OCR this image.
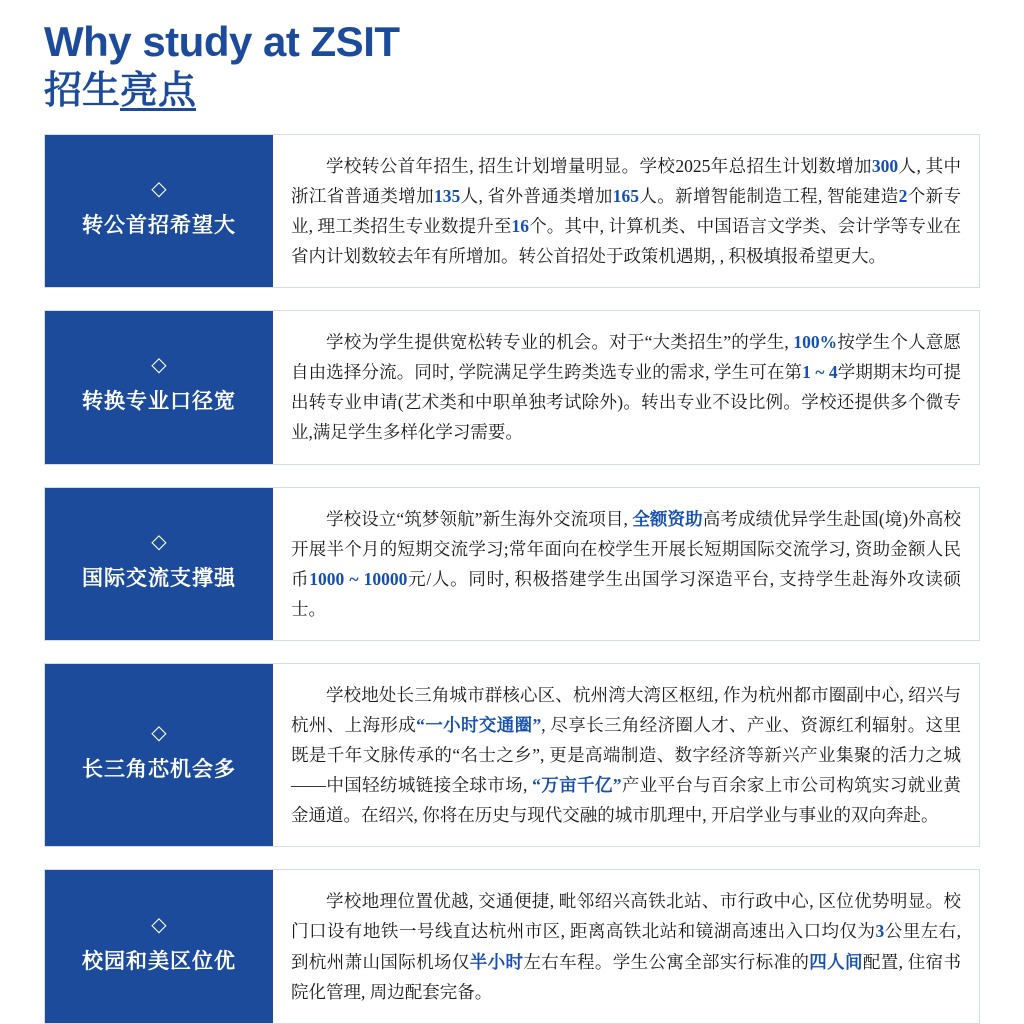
Why study at ZSIT
招生亮点
◇
转公首招希望大

学校转公首年招生, 招生计划增量明显。学校2025年总招生计划数增加300人, 其中浙江省普通类增加135人, 省外普通类增加165人。新增智能制造工程, 智能建造2个新专业, 理工类招生专业数提升至16个。其中, 计算机类、中国语言文学类、会计学等专业在省内计划数较去年有所增加。转公首招处于政策机遇期, , 积极填报希望更大。

◇
转换专业口径宽

学校为学生提供宽松转专业的机会。对于“大类招生”的学生, 100%按学生个人意愿自由选择分流。同时, 学院满足学生跨类选专业的需求, 学生可在第1 ~ 4学期期末均可提出转专业申请(艺术类和中职单独考试除外)。转出专业不设比例。学校还提供多个微专业,满足学生多样化学习需要。

◇
国际交流支撑强

学校设立“筑梦领航”新生海外交流项目, 全额资助高考成绩优异学生赴国(境)外高校开展半个月的短期交流学习;常年面向在校学生开展长短期国际交流学习, 资助金额人民币1000 ~ 10000元/人。同时, 积极搭建学生出国学习深造平台, 支持学生赴海外攻读硕士。

◇
长三角芯机会多

学校地处长三角城市群核心区、杭州湾大湾区枢纽, 作为杭州都市圈副中心, 绍兴与杭州、上海形成“一小时交通圈”, 尽享长三角经济圈人才、产业、资源红利辐射。这里既是千年文脉传承的“名士之乡”, 更是高端制造、数字经济等新兴产业集聚的活力之城——中国轻纺城链接全球市场, “万亩千亿”产业平台与百余家上市公司构筑实习就业黄金通道。在绍兴, 你将在历史与现代交融的城市肌理中, 开启学业与事业的双向奔赴。

◇
校园和美区位优

学校地理位置优越, 交通便捷, 毗邻绍兴高铁北站、市行政中心, 区位优势明显。校门口设有地铁一号线直达杭州市区, 距离高铁北站和镜湖高速出入口均仅为3公里左右, 到杭州萧山国际机场仅半小时左右车程。学生公寓全部实行标准的四人间配置, 住宿书院化管理, 周边配套完备。
